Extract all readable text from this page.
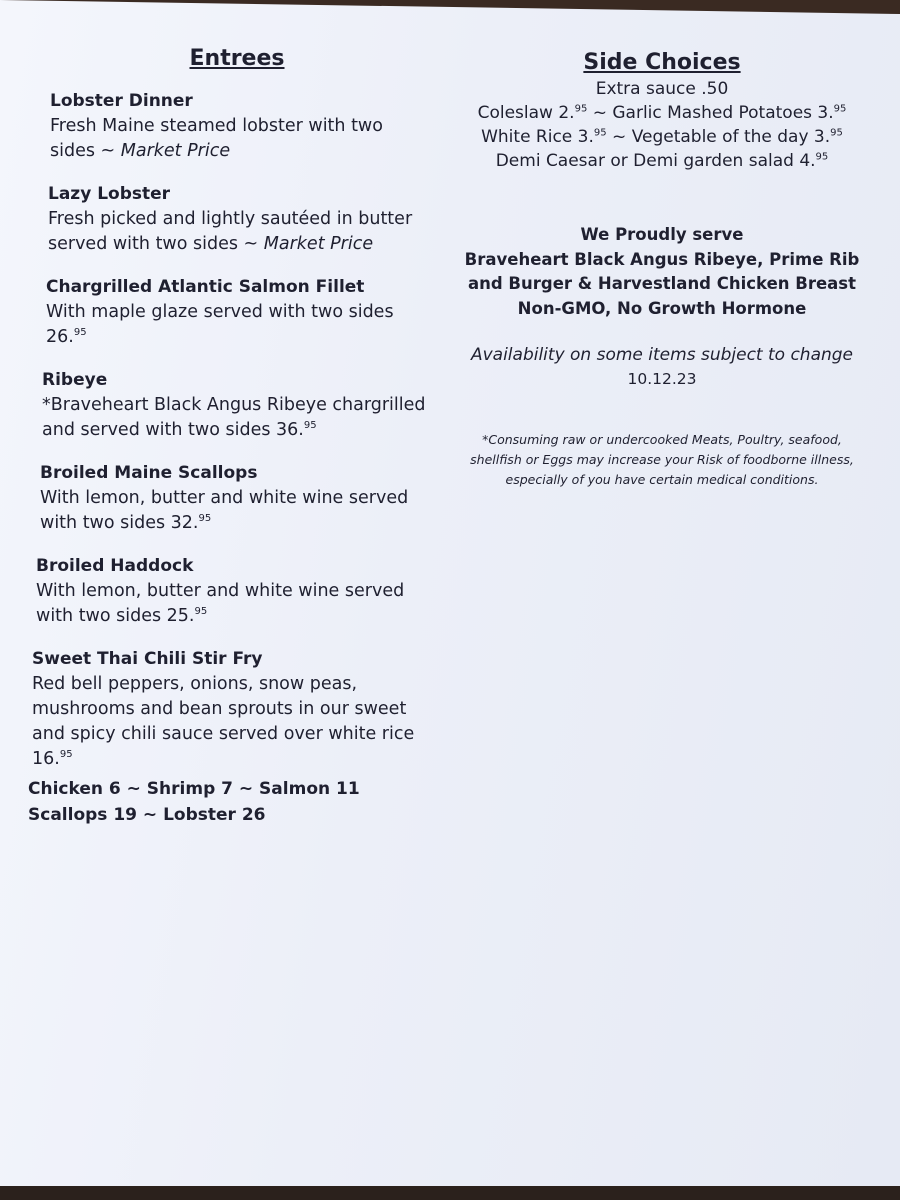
Entrees
Lobster Dinner
Fresh Maine steamed lobster with two sides ~ Market Price
Lazy Lobster
Fresh picked and lightly sautéed in butter served with two sides ~ Market Price
Chargrilled Atlantic Salmon Fillet
With maple glaze served with two sides 26.95
Ribeye
*Braveheart Black Angus Ribeye chargrilled and served with two sides 36.95
Broiled Maine Scallops
With lemon, butter and white wine served with two sides 32.95
Broiled Haddock
With lemon, butter and white wine served with two sides 25.95
Sweet Thai Chili Stir Fry
Red bell peppers, onions, snow peas, mushrooms and bean sprouts in our sweet and spicy chili sauce served over white rice 16.95
Chicken 6 ~ Shrimp 7 ~ Salmon 11
Scallops 19 ~ Lobster 26
Side Choices
Extra sauce .50
Coleslaw 2.95 ~ Garlic Mashed Potatoes 3.95
White Rice 3.95 ~ Vegetable of the day 3.95
Demi Caesar or Demi garden salad 4.95
We Proudly serve
Braveheart Black Angus Ribeye, Prime Rib
and Burger & Harvestland Chicken Breast
Non-GMO, No Growth Hormone
Availability on some items subject to change
10.12.23
*Consuming raw or undercooked Meats, Poultry, seafood,
shellfish or Eggs may increase your Risk of foodborne illness,
especially of you have certain medical conditions.
